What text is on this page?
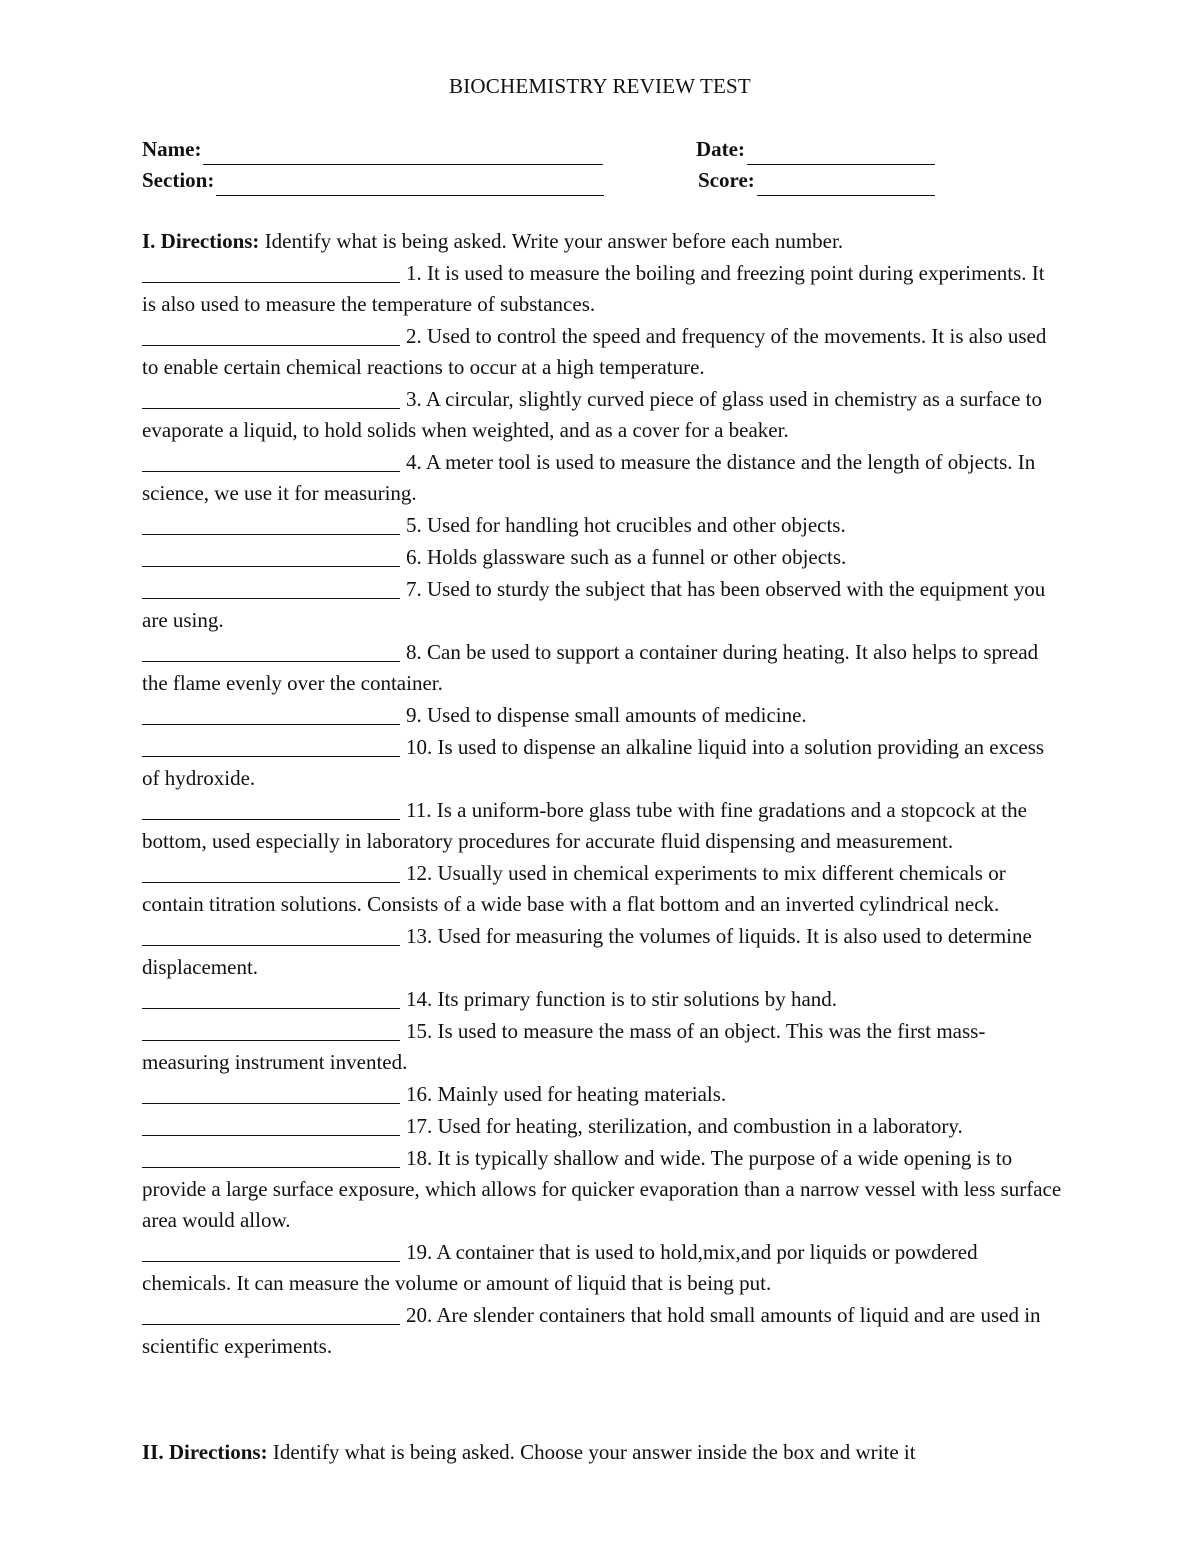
BIOCHEMISTRY REVIEW TEST
Name:	Date:
Section:	Score:
I. Directions: Identify what is being asked. Write your answer before each number.
1. It is used to measure the boiling and freezing point during experiments. It is also used to measure the temperature of substances.
2. Used to control the speed and frequency of the movements. It is also used to enable certain chemical reactions to occur at a high temperature.
3. A circular, slightly curved piece of glass used in chemistry as a surface to evaporate a liquid, to hold solids when weighted, and as a cover for a beaker.
4. A meter tool is used to measure the distance and the length of objects. In science, we use it for measuring.
5. Used for handling hot crucibles and other objects.
6. Holds glassware such as a funnel or other objects.
7. Used to sturdy the subject that has been observed with the equipment you are using.
8. Can be used to support a container during heating. It also helps to spread the flame evenly over the container.
9. Used to dispense small amounts of medicine.
10. Is used to dispense an alkaline liquid into a solution providing an excess of hydroxide.
11. Is a uniform-bore glass tube with fine gradations and a stopcock at the bottom, used especially in laboratory procedures for accurate fluid dispensing and measurement.
12. Usually used in chemical experiments to mix different chemicals or contain titration solutions. Consists of a wide base with a flat bottom and an inverted cylindrical neck.
13. Used for measuring the volumes of liquids. It is also used to determine displacement.
14. Its primary function is to stir solutions by hand.
15. Is used to measure the mass of an object. This was the first mass-measuring instrument invented.
16. Mainly used for heating materials.
17. Used for heating, sterilization, and combustion in a laboratory.
18. It is typically shallow and wide. The purpose of a wide opening is to provide a large surface exposure, which allows for quicker evaporation than a narrow vessel with less surface area would allow.
19. A container that is used to hold,mix,and por liquids or powdered chemicals. It can measure the volume or amount of liquid that is being put.
20. Are slender containers that hold small amounts of liquid and are used in scientific experiments.
II. Directions: Identify what is being asked. Choose your answer inside the box and write it
